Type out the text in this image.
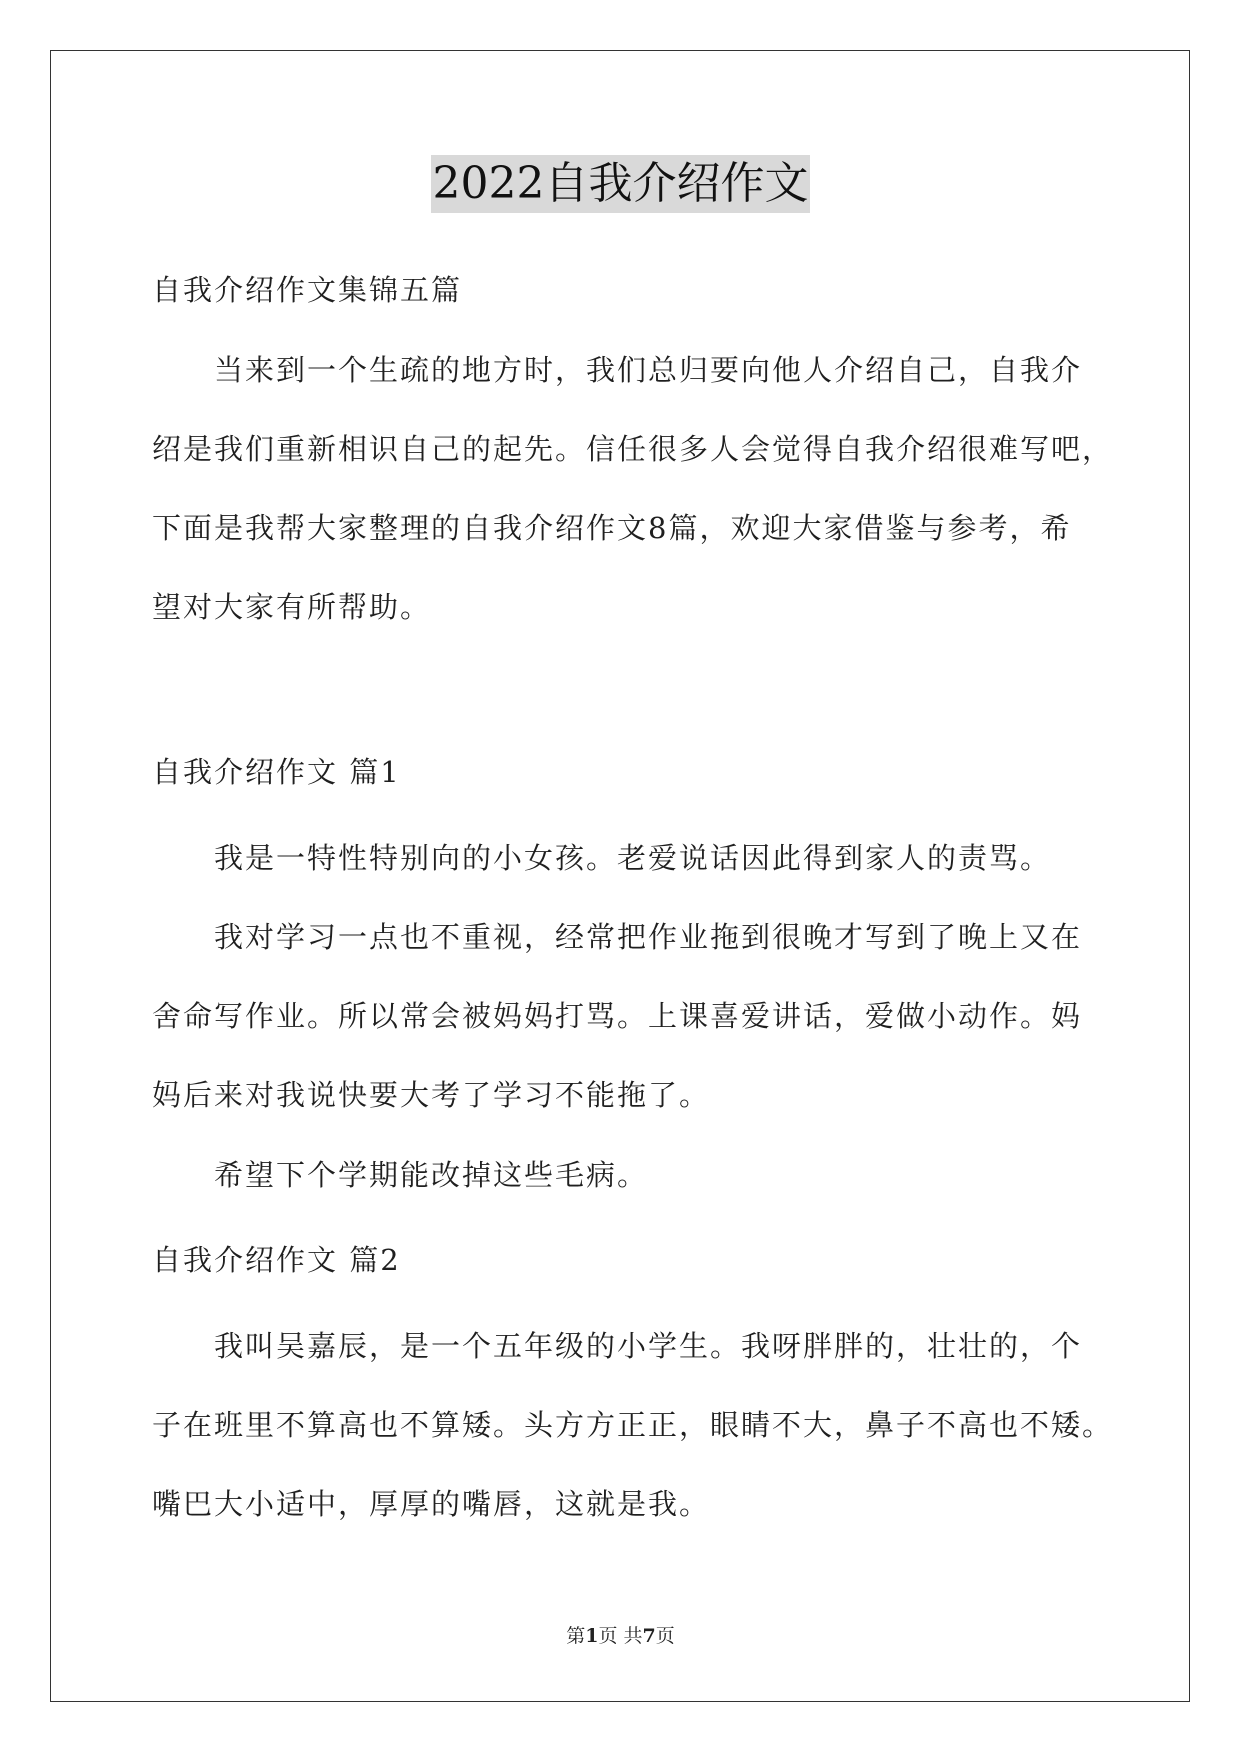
2022自我介绍作文
自我介绍作文集锦五篇
当来到一个生疏的地方时，我们总归要向他人介绍自己，自我介
绍是我们重新相识自己的起先。信任很多人会觉得自我介绍很难写吧，
下面是我帮大家整理的自我介绍作文8篇，欢迎大家借鉴与参考，希
望对大家有所帮助。
自我介绍作文 篇1
我是一特性特别向的小女孩。老爱说话因此得到家人的责骂。
我对学习一点也不重视，经常把作业拖到很晚才写到了晚上又在
舍命写作业。所以常会被妈妈打骂。上课喜爱讲话，爱做小动作。妈
妈后来对我说快要大考了学习不能拖了。
希望下个学期能改掉这些毛病。
自我介绍作文 篇2
我叫吴嘉辰，是一个五年级的小学生。我呀胖胖的，壮壮的，个
子在班里不算高也不算矮。头方方正正，眼睛不大，鼻子不高也不矮。
嘴巴大小适中，厚厚的嘴唇，这就是我。
第1页 共7页
